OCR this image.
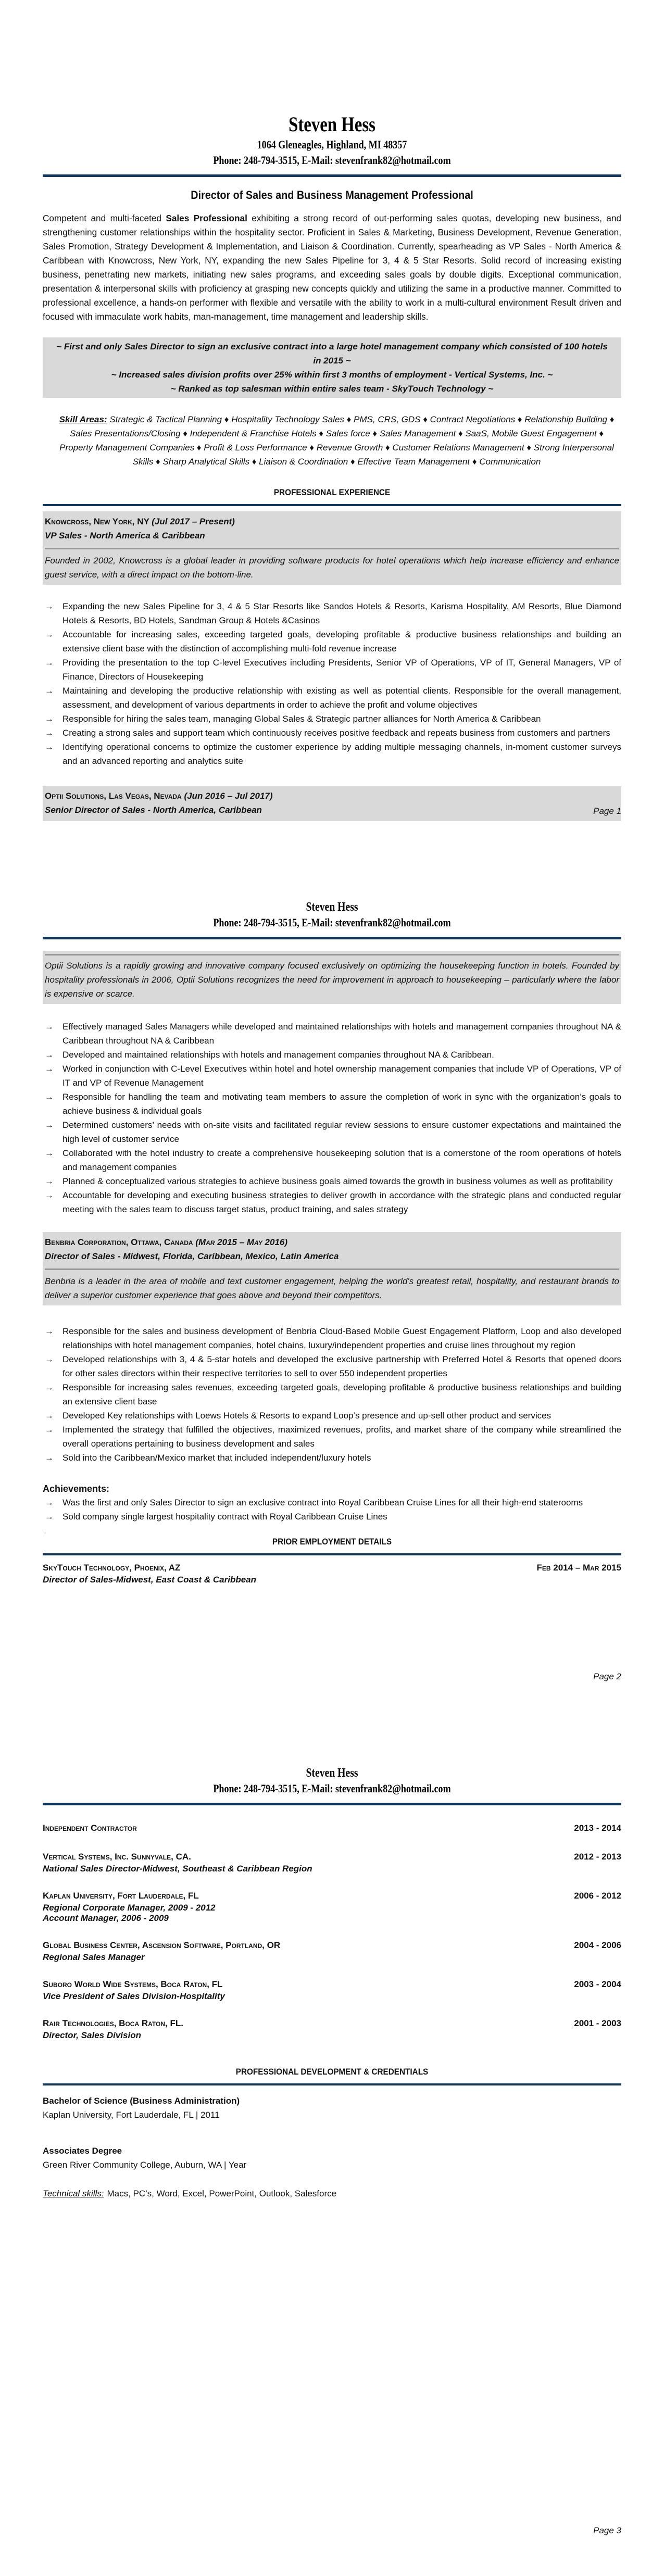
Steven Hess
1064 Gleneagles, Highland, MI 48357
Phone: 248-794-3515, E-Mail: stevenfrank82@hotmail.com
Director of Sales and Business Management Professional

Competent and multi-faceted Sales Professional exhibiting a strong record of out-performing sales quotas, developing new business, and strengthening customer relationships within the hospitality sector. Proficient in Sales & Marketing, Business Development, Revenue Generation, Sales Promotion, Strategy Development & Implementation, and Liaison & Coordination. Currently, spearheading as VP Sales - North America & Caribbean with Knowcross, New York, NY, expanding the new Sales Pipeline for 3, 4 & 5 Star Resorts. Solid record of increasing existing business, penetrating new markets, initiating new sales programs, and exceeding sales goals by double digits. Exceptional communication, presentation & interpersonal skills with proficiency at grasping new concepts quickly and utilizing the same in a productive manner. Committed to professional excellence, a hands-on performer with flexible and versatile with the ability to work in a multi-cultural environment Result driven and focused with immaculate work habits, man-management, time management and leadership skills.

~ First and only Sales Director to sign an exclusive contract into a large hotel management company which consisted of 100 hotels in 2015 ~
~ Increased sales division profits over 25% within first 3 months of employment - Vertical Systems, Inc. ~
~ Ranked as top salesman within entire sales team - SkyTouch Technology ~

Skill Areas: Strategic & Tactical Planning ♦ Hospitality Technology Sales ♦ PMS, CRS, GDS ♦ Contract Negotiations ♦ Relationship Building ♦ Sales Presentations/Closing ♦ Independent & Franchise Hotels ♦ Sales force ♦ Sales Management ♦ SaaS, Mobile Guest Engagement ♦ Property Management Companies ♦ Profit & Loss Performance ♦ Revenue Growth ♦ Customer Relations Management ♦ Strong Interpersonal Skills ♦ Sharp Analytical Skills ♦ Liaison & Coordination ♦ Effective Team Management ♦ Communication

PROFESSIONAL EXPERIENCE
Knowcross, New York, NY (Jul 2017 – Present)
VP Sales - North America & Caribbean
Founded in 2002, Knowcross is a global leader in providing software products for hotel operations which help increase efficiency and enhance guest service, with a direct impact on the bottom-line.
→ Expanding the new Sales Pipeline for 3, 4 & 5 Star Resorts like Sandos Hotels & Resorts, Karisma Hospitality, AM Resorts, Blue Diamond Hotels & Resorts, BD Hotels, Sandman Group & Hotels &Casinos
→ Accountable for increasing sales, exceeding targeted goals, developing profitable & productive business relationships and building an extensive client base with the distinction of accomplishing multi-fold revenue increase
→ Providing the presentation to the top C-level Executives including Presidents, Senior VP of Operations, VP of IT, General Managers, VP of Finance, Directors of Housekeeping
→ Maintaining and developing the productive relationship with existing as well as potential clients. Responsible for the overall management, assessment, and development of various departments in order to achieve the profit and volume objectives
→ Responsible for hiring the sales team, managing Global Sales & Strategic partner alliances for North America & Caribbean
→ Creating a strong sales and support team which continuously receives positive feedback and repeats business from customers and partners
→ Identifying operational concerns to optimize the customer experience by adding multiple messaging channels, in-moment customer surveys and an advanced reporting and analytics suite
Optii Solutions, Las Vegas, Nevada (Jun 2016 – Jul 2017)
Senior Director of Sales - North America, Caribbean	Page 1
Steven Hess
Phone: 248-794-3515, E-Mail: stevenfrank82@hotmail.com
Optii Solutions is a rapidly growing and innovative company focused exclusively on optimizing the housekeeping function in hotels. Founded by hospitality professionals in 2006, Optii Solutions recognizes the need for improvement in approach to housekeeping – particularly where the labor is expensive or scarce.
→ Effectively managed Sales Managers while developed and maintained relationships with hotels and management companies throughout NA & Caribbean throughout NA & Caribbean
→ Developed and maintained relationships with hotels and management companies throughout NA & Caribbean.
→ Worked in conjunction with C-Level Executives within hotel and hotel ownership management companies that include VP of Operations, VP of IT and VP of Revenue Management
→ Responsible for handling the team and motivating team members to assure the completion of work in sync with the organization’s goals to achieve business & individual goals
→ Determined customers’ needs with on-site visits and facilitated regular review sessions to ensure customer expectations and maintained the high level of customer service
→ Collaborated with the hotel industry to create a comprehensive housekeeping solution that is a cornerstone of the room operations of hotels and management companies
→ Planned & conceptualized various strategies to achieve business goals aimed towards the growth in business volumes as well as profitability
→ Accountable for developing and executing business strategies to deliver growth in accordance with the strategic plans and conducted regular meeting with the sales team to discuss target status, product training, and sales strategy
Benbria Corporation, Ottawa, Canada (Mar 2015 – May 2016)
Director of Sales - Midwest, Florida, Caribbean, Mexico, Latin America
Benbria is a leader in the area of mobile and text customer engagement, helping the world's greatest retail, hospitality, and restaurant brands to deliver a superior customer experience that goes above and beyond their competitors.
→ Responsible for the sales and business development of Benbria Cloud-Based Mobile Guest Engagement Platform, Loop and also developed relationships with hotel management companies, hotel chains, luxury/independent properties and cruise lines throughout my region
→ Developed relationships with 3, 4 & 5-star hotels and developed the exclusive partnership with Preferred Hotel & Resorts that opened doors for other sales directors within their respective territories to sell to over 550 independent properties
→ Responsible for increasing sales revenues, exceeding targeted goals, developing profitable & productive business relationships and building an extensive client base
→ Developed Key relationships with Loews Hotels & Resorts to expand Loop’s presence and up-sell other product and services
→ Implemented the strategy that fulfilled the objectives, maximized revenues, profits, and market share of the company while streamlined the overall operations pertaining to business development and sales
→ Sold into the Caribbean/Mexico market that included independent/luxury hotels
Achievements:
→ Was the first and only Sales Director to sign an exclusive contract into Royal Caribbean Cruise Lines for all their high-end staterooms
→ Sold company single largest hospitality contract with Royal Caribbean Cruise Lines
'
PRIOR EMPLOYMENT DETAILS
SkyTouch Technology, Phoenix, AZ	Feb 2014 – Mar 2015
Director of Sales-Midwest, East Coast & Caribbean
Page 2
Steven Hess
Phone: 248-794-3515, E-Mail: stevenfrank82@hotmail.com
Independent Contractor	2013 - 2014
Vertical Systems, Inc. Sunnyvale, CA.	2012 - 2013
National Sales Director-Midwest, Southeast & Caribbean Region
Kaplan University, Fort Lauderdale, FL	2006 - 2012
Regional Corporate Manager, 2009 - 2012
Account Manager, 2006 - 2009
Global Business Center, Ascension Software, Portland, OR	2004 - 2006
Regional Sales Manager
Suboro World Wide Systems, Boca Raton, FL	2003 - 2004
Vice President of Sales Division-Hospitality
Rair Technologies, Boca Raton, FL.	2001 - 2003
Director, Sales Division
PROFESSIONAL DEVELOPMENT & CREDENTIALS
Bachelor of Science (Business Administration)
Kaplan University, Fort Lauderdale, FL | 2011
Associates Degree
Green River Community College, Auburn, WA | Year
Technical skills: Macs, PC’s, Word, Excel, PowerPoint, Outlook, Salesforce
Page 3
